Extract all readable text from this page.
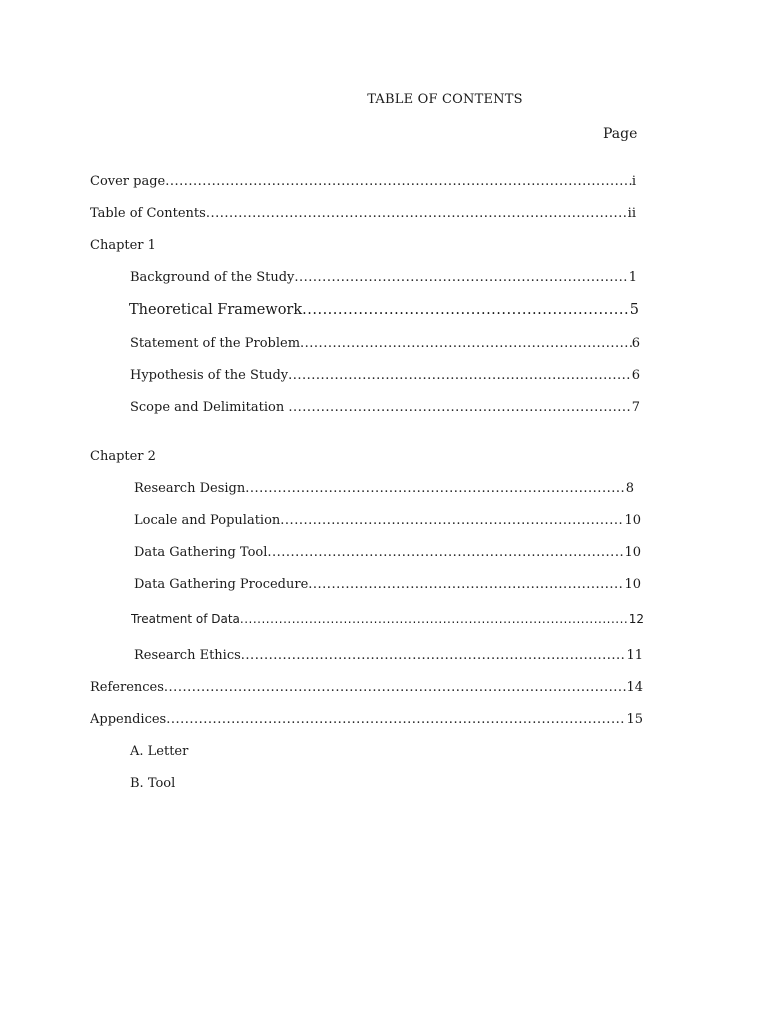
TABLE OF CONTENTS
Page
Cover page .....	i
Table of Contents .....	ii
Chapter 1
Background of the Study .....	1
Theoretical Framework .....	5
Statement of the Problem .....	6
Hypothesis of the Study .....	6
Scope and Delimitation .....	7
Chapter 2
Research Design .....	8
Locale and Population .....	10
Data Gathering Tool .....	10
Data Gathering Procedure .....	10
Treatment of Data .....	12
Research Ethics .....	11
References .....	14
Appendices .....	15
A. Letter
B. Tool
